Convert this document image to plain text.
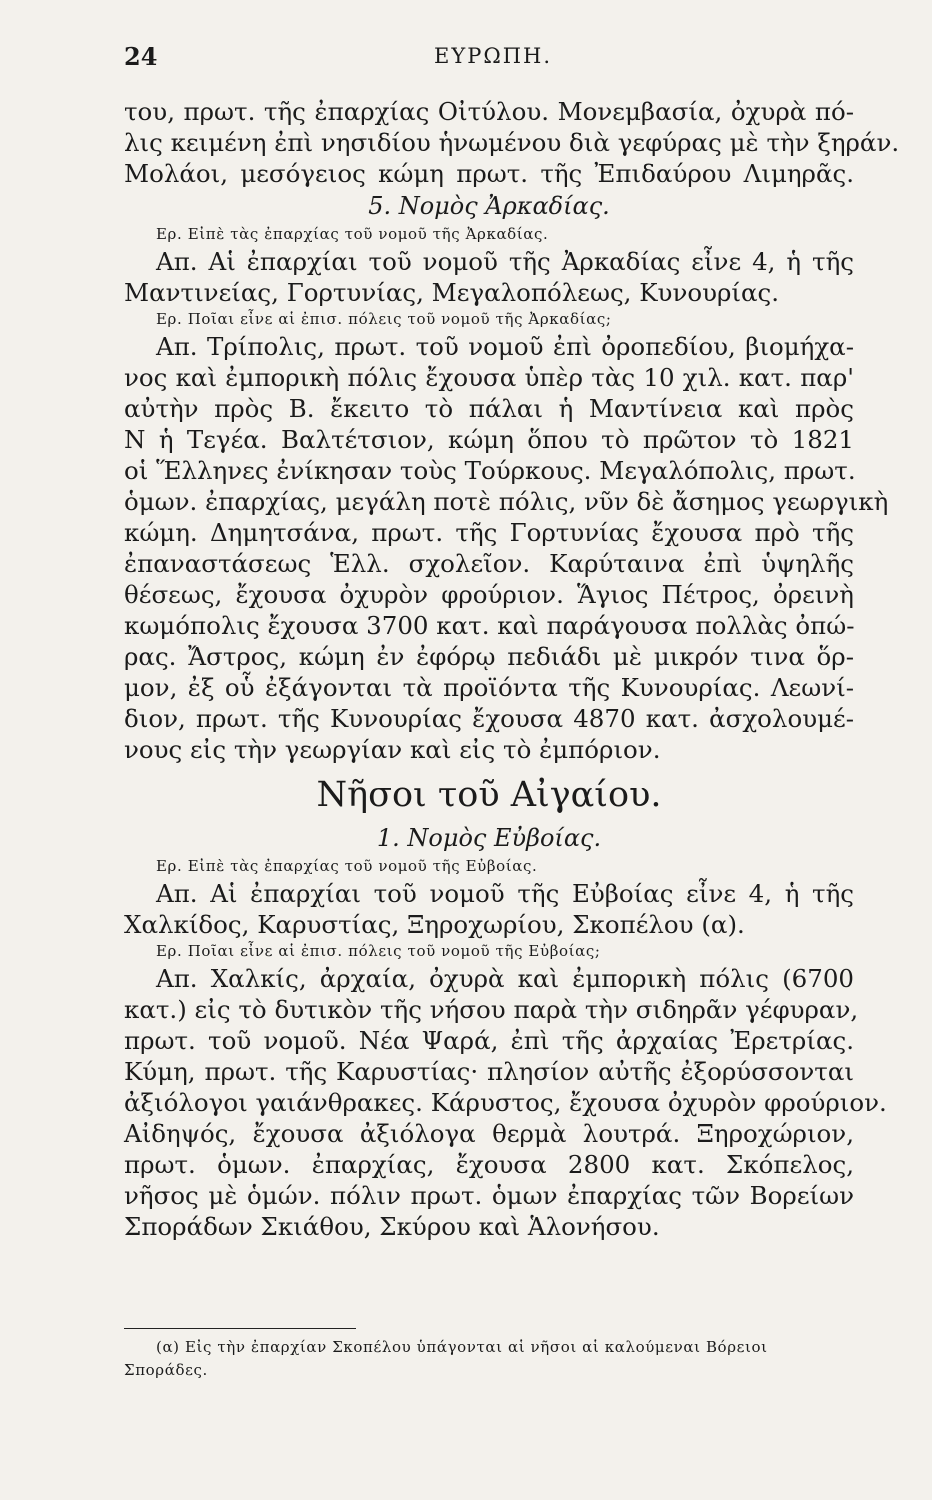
24	ΕΥΡΩΠΗ.
του, πρωτ. τῆς ἐπαρχίας Οἰτύλου. Μονεμβασία, ὀχυρὰ πό-
λις κειμένη ἐπὶ νησιδίου ἡνωμένου διὰ γεφύρας μὲ τὴν ξηράν.
Μολάοι, μεσόγειος κώμη πρωτ. τῆς Ἐπιδαύρου Λιμηρᾶς.
5. Νομὸς Ἀρκαδίας.
Ερ. Εἰπὲ τὰς ἐπαρχίας τοῦ νομοῦ τῆς Ἀρκαδίας.
Απ. Αἱ ἐπαρχίαι τοῦ νομοῦ τῆς Ἀρκαδίας εἶνε 4, ἡ τῆς
Μαντινείας, Γορτυνίας, Μεγαλοπόλεως, Κυνουρίας.
Ερ. Ποῖαι εἶνε αἱ ἐπισ. πόλεις τοῦ νομοῦ τῆς Ἀρκαδίας;
Απ. Τρίπολις, πρωτ. τοῦ νομοῦ ἐπὶ ὀροπεδίου, βιομήχα-
νος καὶ ἐμπορικὴ πόλις ἔχουσα ὑπὲρ τὰς 10 χιλ. κατ. παρ'
αὐτὴν πρὸς Β. ἔκειτο τὸ πάλαι ἡ Μαντίνεια καὶ πρὸς
Ν ἡ Τεγέα. Βαλτέτσιον, κώμη ὅπου τὸ πρῶτον τὸ 1821
οἱ Ἕλληνες ἐνίκησαν τοὺς Τούρκους. Μεγαλόπολις, πρωτ.
ὁμων. ἐπαρχίας, μεγάλη ποτὲ πόλις, νῦν δὲ ἄσημος γεωργικὴ
κώμη. Δημητσάνα, πρωτ. τῆς Γορτυνίας ἔχουσα πρὸ τῆς
ἐπαναστάσεως Ἑλλ. σχολεῖον. Καρύταινα ἐπὶ ὑψηλῆς
θέσεως, ἔχουσα ὀχυρὸν φρούριον. Ἅγιος Πέτρος, ὀρεινὴ
κωμόπολις ἔχουσα 3700 κατ. καὶ παράγουσα πολλὰς ὀπώ-
ρας. Ἄστρος, κώμη ἐν ἐφόρῳ πεδιάδι μὲ μικρόν τινα ὅρ-
μον, ἐξ οὗ ἐξάγονται τὰ προϊόντα τῆς Κυνουρίας. Λεωνί-
διον, πρωτ. τῆς Κυνουρίας ἔχουσα 4870 κατ. ἀσχολουμέ-
νους εἰς τὴν γεωργίαν καὶ εἰς τὸ ἐμπόριον.
Νῆσοι τοῦ Αἰγαίου.
1. Νομὸς Εὐβοίας.
Ερ. Εἰπὲ τὰς ἐπαρχίας τοῦ νομοῦ τῆς Εὐβοίας.
Απ. Αἱ ἐπαρχίαι τοῦ νομοῦ τῆς Εὐβοίας εἶνε 4, ἡ τῆς
Χαλκίδος, Καρυστίας, Ξηροχωρίου, Σκοπέλου (α).
Ερ. Ποῖαι εἶνε αἱ ἐπισ. πόλεις τοῦ νομοῦ τῆς Εὐβοίας;
Απ. Χαλκίς, ἀρχαία, ὀχυρὰ καὶ ἐμπορικὴ πόλις (6700
κατ.) εἰς τὸ δυτικὸν τῆς νήσου παρὰ τὴν σιδηρᾶν γέφυραν,
πρωτ. τοῦ νομοῦ. Νέα Ψαρά, ἐπὶ τῆς ἀρχαίας Ἐρετρίας.
Κύμη, πρωτ. τῆς Καρυστίας· πλησίον αὐτῆς ἐξορύσσονται
ἀξιόλογοι γαιάνθρακες. Κάρυστος, ἔχουσα ὀχυρὸν φρούριον.
Αἰδηψός, ἔχουσα ἀξιόλογα θερμὰ λουτρά. Ξηροχώριον,
πρωτ. ὁμων. ἐπαρχίας, ἔχουσα 2800 κατ. Σκόπελος,
νῆσος μὲ ὁμών. πόλιν πρωτ. ὁμων ἐπαρχίας τῶν Βορείων
Σποράδων Σκιάθου, Σκύρου καὶ Ἁλονήσου.
(α) Εἰς τὴν ἐπαρχίαν Σκοπέλου ὑπάγονται αἱ νῆσοι αἱ καλούμεναι Βόρειοι
Σποράδες.
